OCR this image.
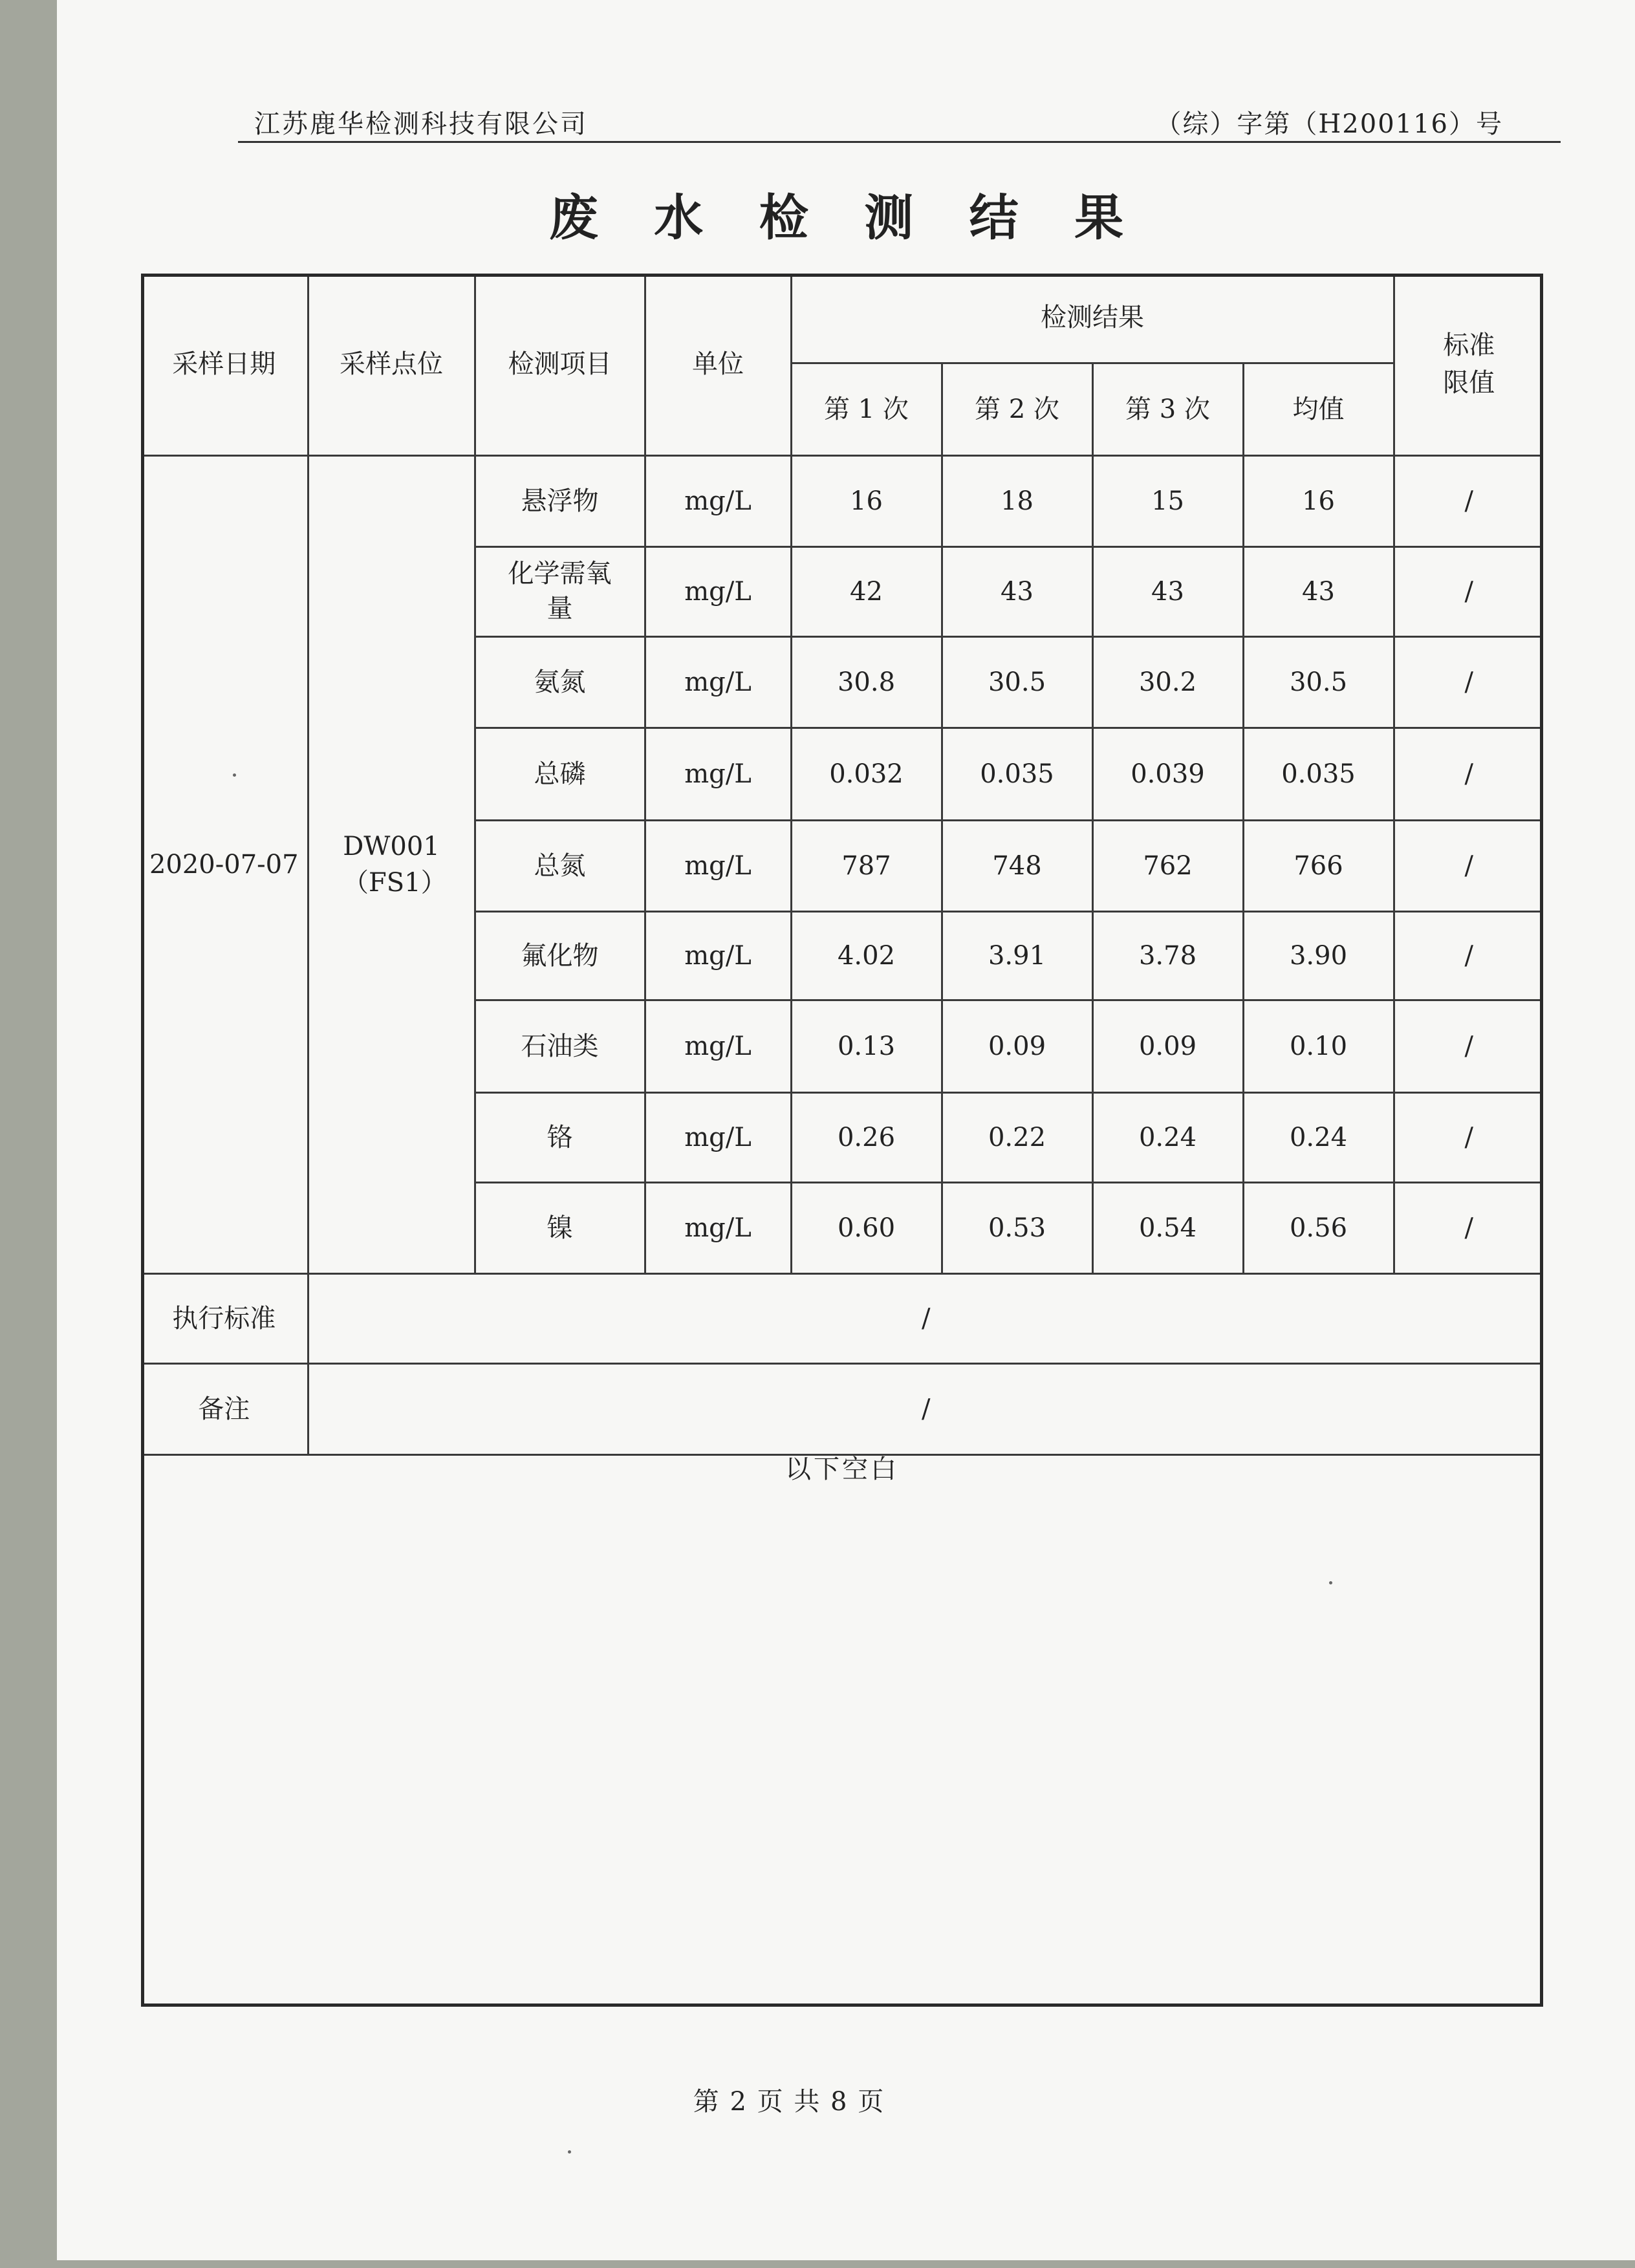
江苏鹿华检测科技有限公司	（综）字第（H200116）号
废 水 检 测 结 果
采样日期	采样点位	检测项目	单位	检测结果				标准限值
				第 1 次	第 2 次	第 3 次	均值	
2020-07-07	DW001（FS1）	悬浮物	mg/L	16	18	15	16	/
		化学需氧量	mg/L	42	43	43	43	/
		氨氮	mg/L	30.8	30.5	30.2	30.5	/
		总磷	mg/L	0.032	0.035	0.039	0.035	/
		总氮	mg/L	787	748	762	766	/
		氟化物	mg/L	4.02	3.91	3.78	3.90	/
		石油类	mg/L	0.13	0.09	0.09	0.10	/
		铬	mg/L	0.26	0.22	0.24	0.24	/
		镍	mg/L	0.60	0.53	0.54	0.56	/
执行标准	/							
备注	/							
以下空白
第 2 页 共 8 页
